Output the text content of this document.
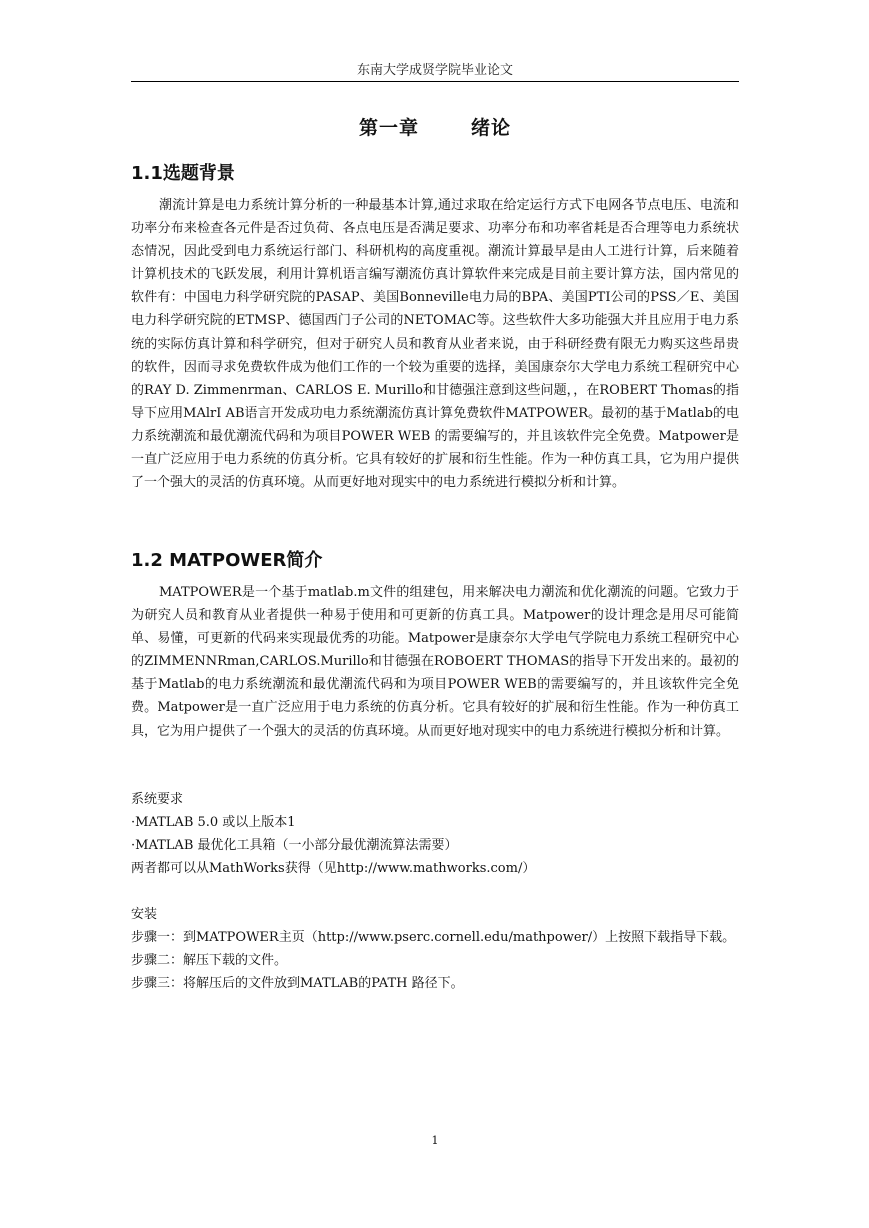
东南大学成贤学院毕业论文
第一章	绪论
1.1选题背景

潮流计算是电力系统计算分析的一种最基本计算,通过求取在给定运行方式下电网各节点电压、电流和功率分布来检查各元件是否过负荷、各点电压是否满足要求、功率分布和功率省耗是否合理等电力系统状态情况，因此受到电力系统运行部门、科研机构的高度重视。潮流计算最早是由人工进行计算，后来随着计算机技术的飞跃发展，利用计算机语言编写潮流仿真计算软件来完成是目前主要计算方法，国内常见的软件有：中国电力科学研究院的PASAP、美国Bonneville电力局的BPA、美国PTI公司的PSS／E、美国电力科学研究院的ETMSP、德国西门子公司的NETOMAC等。这些软件大多功能强大并且应用于电力系统的实际仿真计算和科学研究，但对于研究人员和教育从业者来说，由于科研经费有限无力购买这些昂贵的软件，因而寻求免费软件成为他们工作的一个较为重要的选择，美国康奈尔大学电力系统工程研究中心的RAY D. Zimmenrman、CARLOS E. Murillo和甘德强注意到这些问题，，在ROBERT Thomas的指导下应用MAlrI AB语言开发成功电力系统潮流仿真计算免费软件MATPOWER。最初的基于Matlab的电力系统潮流和最优潮流代码和为项目POWER WEB 的需要编写的，并且该软件完全免费。Matpower是一直广泛应用于电力系统的仿真分析。它具有较好的扩展和衍生性能。作为一种仿真工具，它为用户提供了一个强大的灵活的仿真环境。从而更好地对现实中的电力系统进行模拟分析和计算。

1.2 MATPOWER简介

MATPOWER是一个基于matlab.m文件的组建包，用来解决电力潮流和优化潮流的问题。它致力于为研究人员和教育从业者提供一种易于使用和可更新的仿真工具。Matpower的设计理念是用尽可能简单、易懂，可更新的代码来实现最优秀的功能。Matpower是康奈尔大学电气学院电力系统工程研究中心的ZIMMENNRman,CARLOS.Murillo和甘德强在ROBOERT THOMAS的指导下开发出来的。最初的基于Matlab的电力系统潮流和最优潮流代码和为项目POWER WEB的需要编写的，并且该软件完全免费。Matpower是一直广泛应用于电力系统的仿真分析。它具有较好的扩展和衍生性能。作为一种仿真工具，它为用户提供了一个强大的灵活的仿真环境。从而更好地对现实中的电力系统进行模拟分析和计算。

系统要求
·MATLAB 5.0 或以上版本1
·MATLAB 最优化工具箱（一小部分最优潮流算法需要）
两者都可以从MathWorks获得（见http://www.mathworks.com/）
安装
步骤一：到MATPOWER主页（http://www.pserc.cornell.edu/mathpower/）上按照下载指导下载。
步骤二：解压下载的文件。
步骤三：将解压后的文件放到MATLAB的PATH 路径下。
1
